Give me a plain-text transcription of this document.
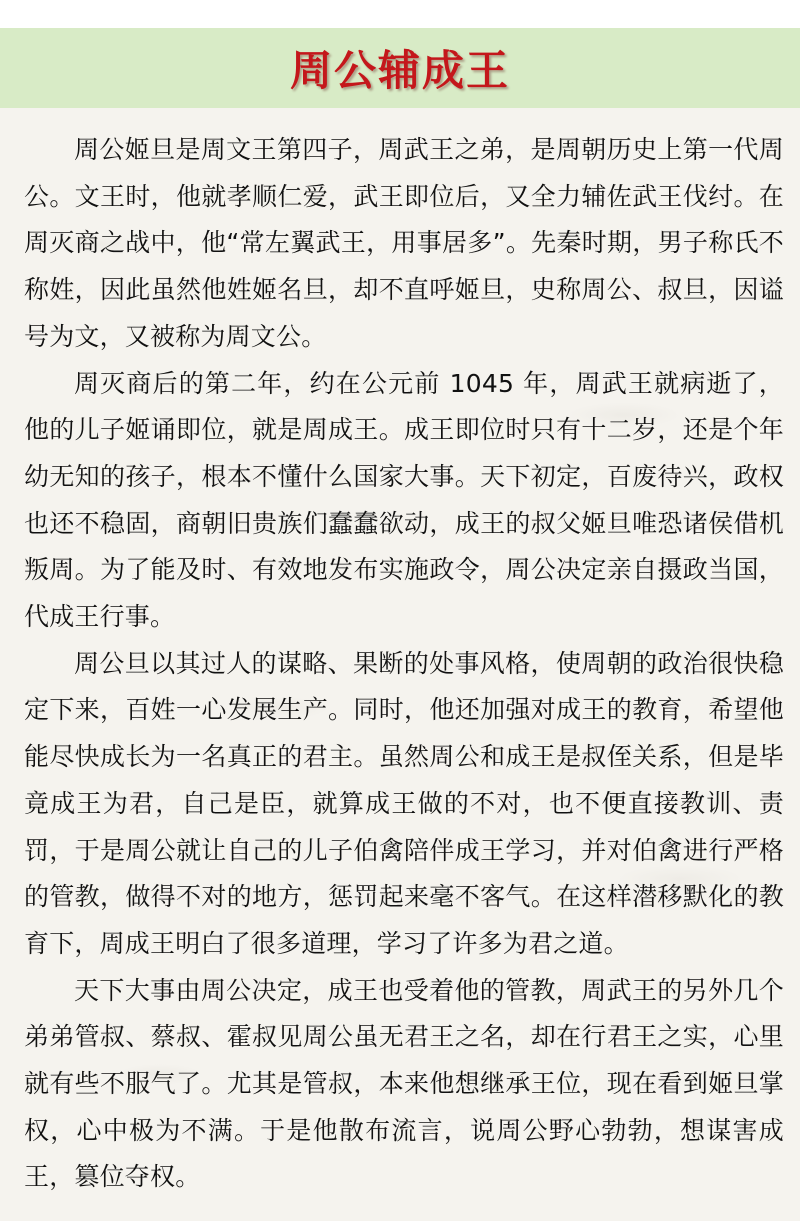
周公辅成王

周公姬旦是周文王第四子，周武王之弟，是周朝历史上第一代周公。文王时，他就孝顺仁爱，武王即位后，又全力辅佐武王伐纣。在周灭商之战中，他“常左翼武王，用事居多”。先秦时期，男子称氏不称姓，因此虽然他姓姬名旦，却不直呼姬旦，史称周公、叔旦，因谥号为文，又被称为周文公。

周灭商后的第二年，约在公元前 1045 年，周武王就病逝了，他的儿子姬诵即位，就是周成王。成王即位时只有十二岁，还是个年幼无知的孩子，根本不懂什么国家大事。天下初定，百废待兴，政权也还不稳固，商朝旧贵族们蠢蠢欲动，成王的叔父姬旦唯恐诸侯借机叛周。为了能及时、有效地发布实施政令，周公决定亲自摄政当国，代成王行事。

周公旦以其过人的谋略、果断的处事风格，使周朝的政治很快稳定下来，百姓一心发展生产。同时，他还加强对成王的教育，希望他能尽快成长为一名真正的君主。虽然周公和成王是叔侄关系，但是毕竟成王为君，自己是臣，就算成王做的不对，也不便直接教训、责罚，于是周公就让自己的儿子伯禽陪伴成王学习，并对伯禽进行严格的管教，做得不对的地方，惩罚起来毫不客气。在这样潜移默化的教育下，周成王明白了很多道理，学习了许多为君之道。

天下大事由周公决定，成王也受着他的管教，周武王的另外几个弟弟管叔、蔡叔、霍叔见周公虽无君王之名，却在行君王之实，心里就有些不服气了。尤其是管叔，本来他想继承王位，现在看到姬旦掌权，心中极为不满。于是他散布流言，说周公野心勃勃，想谋害成王，篡位夺权。
